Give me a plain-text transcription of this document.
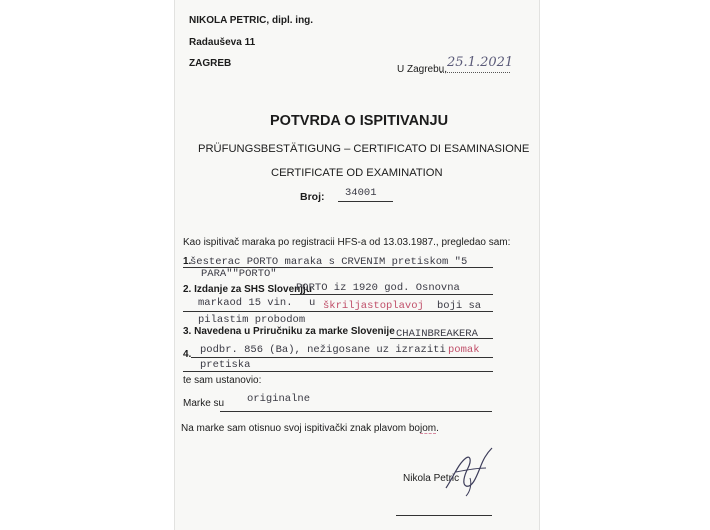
NIKOLA PETRIC, dipl. ing.
Radauševa 11
ZAGREB
U Zagrebu, 25.1.2021
POTVRDA O ISPITIVANJU
PRÜFUNGSBESTÄTIGUNG – CERTIFICATO DI ESAMINASIONE
CERTIFICATE OD EXAMINATION
Broj: 34001
Kao ispitivač maraka po registracii HFS-a od 13.03.1987., pregledao sam:
1.
šesterac PORTO maraka s CRVENIM pretiskom "5
PARA""PORTO"
2. Izdanje za SHS Slovenjju
PORTO iz 1920 god. Osnovna
markaod 15 vin. u škriljastoplavoj boji sa
pilastim probodom
3. Navedena u Priručniku za marke Slovenije CHAINBREAKERA
4. podbr. 856 (Ba), nežigosane uz izraziti pomak
pretiska
te sam ustanovio:
Marke su originalne
Na marke sam otisnuo svoj ispitivački znak plavom bojom.
Nikola Petric
